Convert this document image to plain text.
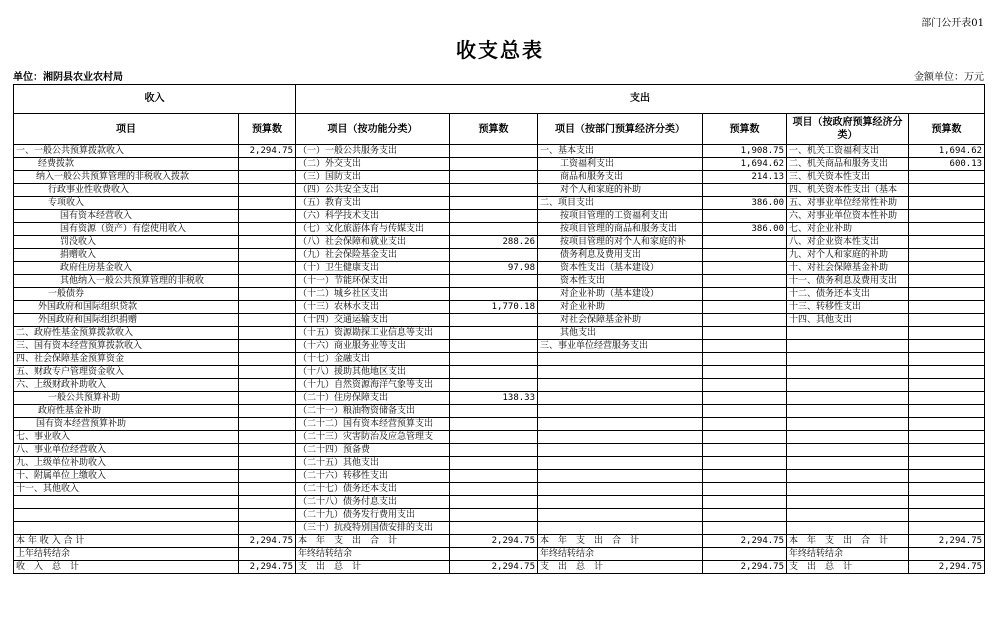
部门公开表01
收支总表
单位：湘阴县农业农村局	金额单位：万元
收入		支出					
项目	预算数	项目（按功能分类）	预算数	项目（按部门预算经济分类）	预算数	项目（按政府预算经济分类）	预算数
一、一般公共预算拨款收入	2,294.75	（一）一般公共服务支出		一、基本支出	1,908.75	一、机关工资福利支出	1,694.62
经费拨款		（二）外交支出		工资福利支出	1,694.62	二、机关商品和服务支出	600.13
纳入一般公共预算管理的非税收入拨款		（三）国防支出		商品和服务支出	214.13	三、机关资本性支出	
行政事业性收费收入		（四）公共安全支出		对个人和家庭的补助		四、机关资本性支出（基本	
专项收入		（五）教育支出		二、项目支出	386.00	五、对事业单位经常性补助	
国有资本经营收入		（六）科学技术支出		按项目管理的工资福利支出		六、对事业单位资本性补助	
国有资源（资产）有偿使用收入		（七）文化旅游体育与传媒支出		按项目管理的商品和服务支出	386.00	七、对企业补助	
罚没收入		（八）社会保障和就业支出	288.26	按项目管理的对个人和家庭的补		八、对企业资本性支出	
捐赠收入		（九）社会保险基金支出		债务利息及费用支出		九、对个人和家庭的补助	
政府住房基金收入		（十）卫生健康支出	97.98	资本性支出（基本建设）		十、对社会保障基金补助	
其他纳入一般公共预算管理的非税收		（十一）节能环保支出		资本性支出		十一、债务利息及费用支出	
一般债券		（十二）城乡社区支出		对企业补助（基本建设）		十二、债务还本支出	
外国政府和国际组织贷款		（十三）农林水支出	1,770.18	对企业补助		十三、转移性支出	
外国政府和国际组织捐赠		（十四）交通运输支出		对社会保障基金补助		十四、其他支出	
二、政府性基金预算拨款收入		（十五）资源勘探工业信息等支出		其他支出			
三、国有资本经营预算拨款收入		（十六）商业服务业等支出		三、事业单位经营服务支出			
四、社会保障基金预算资金		（十七）金融支出					
五、财政专户管理资金收入		（十八）援助其他地区支出					
六、上级财政补助收入		（十九）自然资源海洋气象等支出					
一般公共预算补助		（二十）住房保障支出	138.33				
政府性基金补助		（二十一）粮油物资储备支出					
国有资本经营预算补助		（二十二）国有资本经营预算支出					
七、事业收入		（二十三）灾害防治及应急管理支					
八、事业单位经营收入		（二十四）预备费					
九、上级单位补助收入		（二十五）其他支出					
十、附属单位上缴收入		（二十六）转移性支出					
十一、其他收入		（二十七）债务还本支出					
		（二十八）债务付息支出					
		（二十九）债务发行费用支出					
		（三十）抗疫特别国债安排的支出					
本 年 收 入 合 计	2,294.75	本　年　支　出　合　计	2,294.75	本　年　支　出　合　计	2,294.75	本　年　支　出　合　计	2,294.75
上年结转结余		年终结转结余		年终结转结余		年终结转结余	
收　入　总　计	2,294.75	支　出　总　计	2,294.75	支　出　总　计	2,294.75	支　出　总　计	2,294.75
